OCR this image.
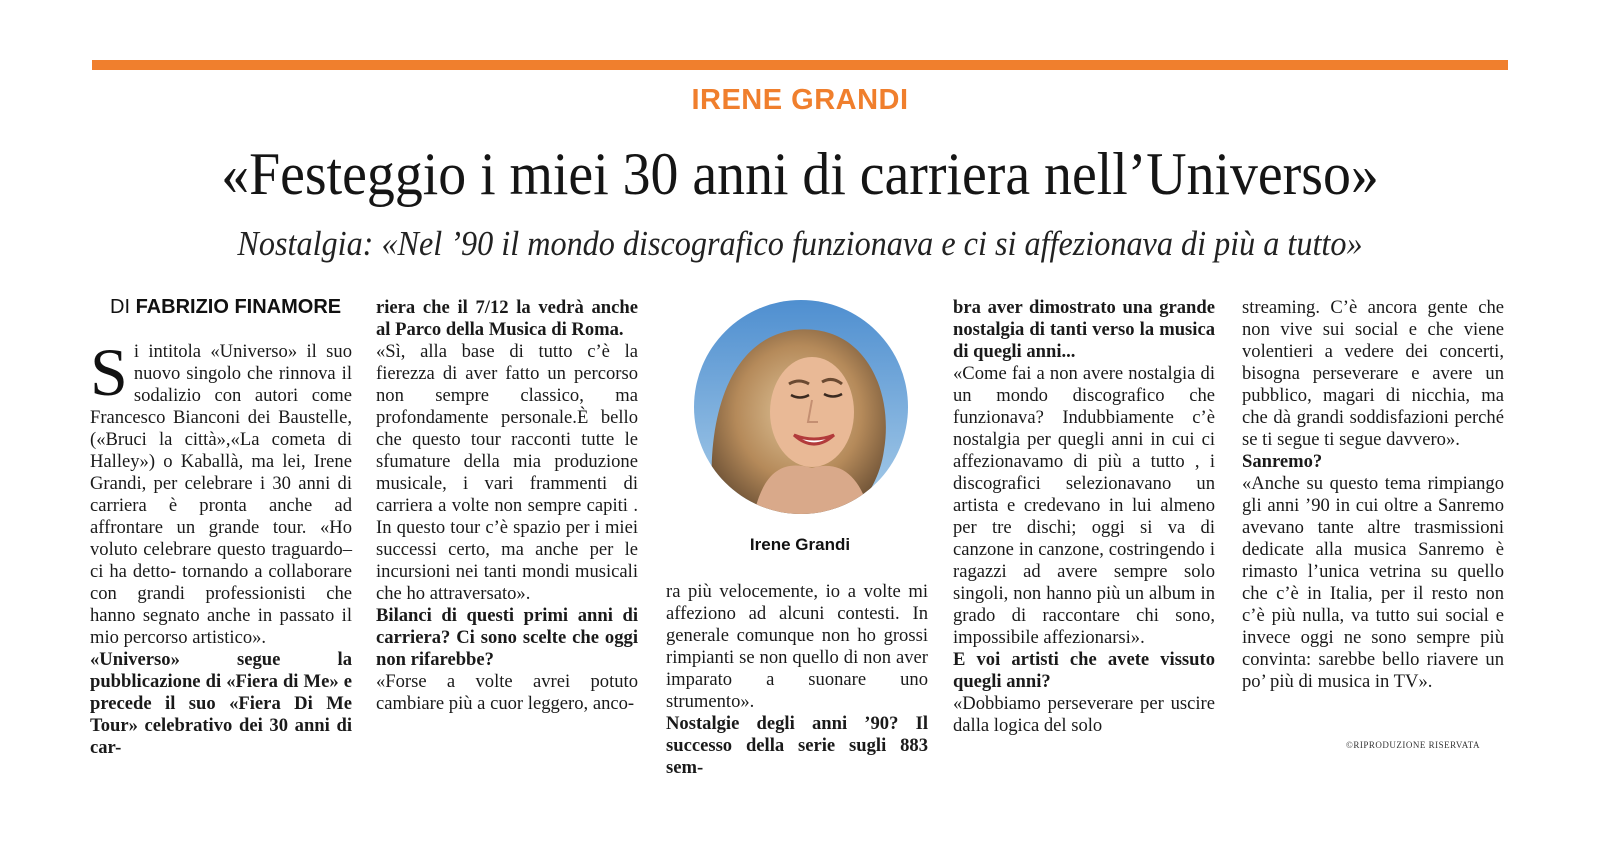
IRENE GRANDI
«Festeggio i miei 30 anni di carriera nell’Universo»
Nostalgia: «Nel ’90 il mondo discografico funzionava e ci si affezionava di più a tutto»
DI FABRIZIO FINAMORE
S i intitola «Universo» il suo nuovo singolo che rinnova il sodalizio con autori come Francesco Bianconi dei Baustelle, («Bruci la città»,«La cometa di Halley») o Kaballà, ma lei, Irene Grandi, per celebrare i 30 anni di carriera è pronta anche ad affrontare un grande tour. «Ho voluto celebrare questo traguardo– ci ha detto- tornando a collaborare con grandi professionisti che hanno segnato anche in passato il mio percorso artistico».

«Universo» segue la pubblicazione di «Fiera di Me» e precede il suo «Fiera Di Me Tour» celebrativo dei 30 anni di car-

riera che il 7/12 la vedrà anche al Parco della Musica di Roma.

«Sì, alla base di tutto c’è la fierezza di aver fatto un percorso non sempre classico, ma profondamente personale.È bello che questo tour racconti tutte le sfumature della mia produzione musicale, i vari frammenti di carriera a volte non sempre capiti . In questo tour c’è spazio per i miei successi certo, ma anche per le incursioni nei tanti mondi musicali che ho attraversato».

Bilanci di questi primi anni di carriera? Ci sono scelte che oggi non rifarebbe?

«Forse a volte avrei potuto cambiare più a cuor leggero, anco-

Irene Grandi

ra più velocemente, io a volte mi affeziono ad alcuni contesti. In generale comunque non ho grossi rimpianti se non quello di non aver imparato a suonare uno strumento».

Nostalgie degli anni ’90? Il successo della serie sugli 883 sem-

bra aver dimostrato una grande nostalgia di tanti verso la musica di quegli anni...

«Come fai a non avere nostalgia di un mondo discografico che funzionava? Indubbiamente c’è nostalgia per quegli anni in cui ci affezionavamo di più a tutto , i discografici selezionavano un artista e credevano in lui almeno per tre dischi; oggi si va di canzone in canzone, costringendo i ragazzi ad avere sempre solo singoli, non hanno più un album in grado di raccontare chi sono, impossibile affezionarsi».

E voi artisti che avete vissuto quegli anni?

«Dobbiamo perseverare per uscire dalla logica del solo

streaming. C’è ancora gente che non vive sui social e che viene volentieri a vedere dei concerti, bisogna perseverare e avere un pubblico, magari di nicchia, ma che dà grandi soddisfazioni perché se ti segue ti segue davvero».

Sanremo?

«Anche su questo tema rimpiango gli anni ’90 in cui oltre a Sanremo avevano tante altre trasmissioni dedicate alla musica Sanremo è rimasto l’unica vetrina su quello che c’è in Italia, per il resto non c’è più nulla, va tutto sui social e invece oggi ne sono sempre più convinta: sarebbe bello riavere un po’ più di musica in TV».

©RIPRODUZIONE RISERVATA
